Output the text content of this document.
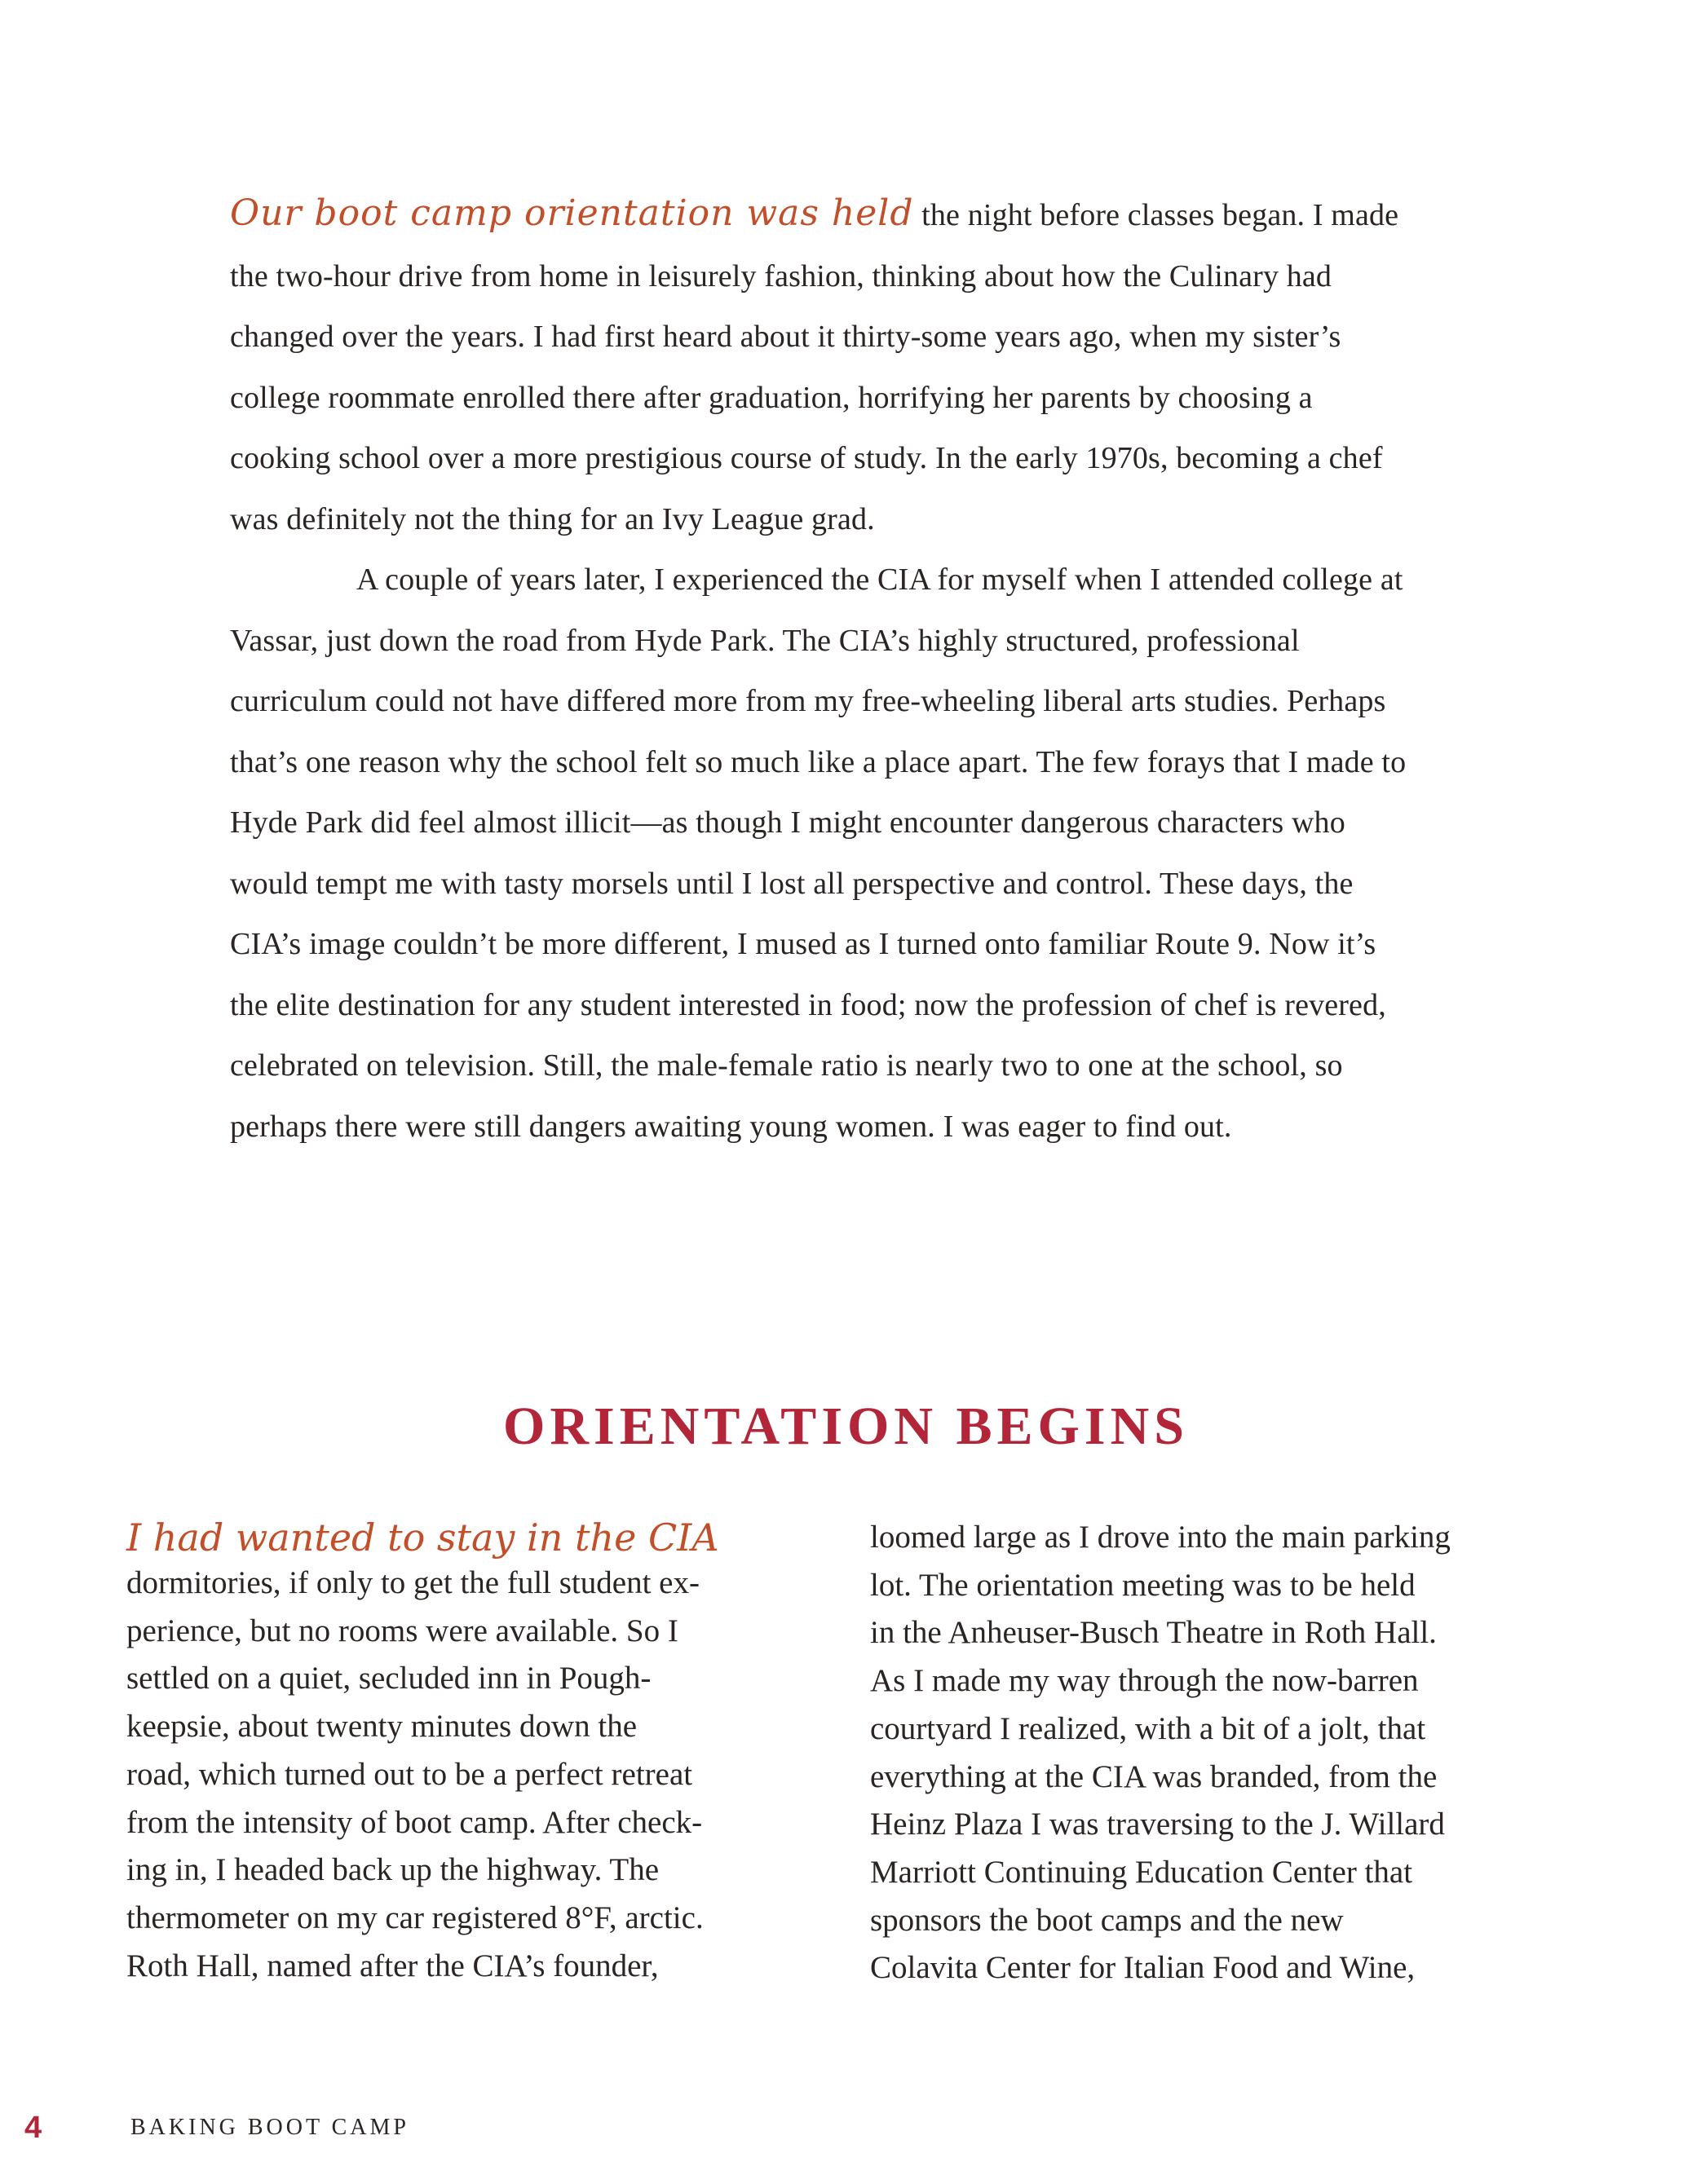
Our boot camp orientation was held the night before classes began. I made the two-hour drive from home in leisurely fashion, thinking about how the Culinary had changed over the years. I had first heard about it thirty-some years ago, when my sister’s college roommate enrolled there after graduation, horrifying her parents by choosing a cooking school over a more prestigious course of study. In the early 1970s, becoming a chef was definitely not the thing for an Ivy League grad.

A couple of years later, I experienced the CIA for myself when I attended college at Vassar, just down the road from Hyde Park. The CIA’s highly structured, professional curriculum could not have differed more from my free-wheeling liberal arts studies. Perhaps that’s one reason why the school felt so much like a place apart. The few forays that I made to Hyde Park did feel almost illicit—as though I might encounter dangerous characters who would tempt me with tasty morsels until I lost all perspective and control. These days, the CIA’s image couldn’t be more different, I mused as I turned onto familiar Route 9. Now it’s the elite destination for any student interested in food; now the profession of chef is revered, celebrated on television. Still, the male-female ratio is nearly two to one at the school, so perhaps there were still dangers awaiting young women. I was eager to find out.

ORIENTATION BEGINS
I had wanted to stay in the CIA
dormitories, if only to get the full student ex-
perience, but no rooms were available. So I
settled on a quiet, secluded inn in Pough-
keepsie, about twenty minutes down the
road, which turned out to be a perfect retreat
from the intensity of boot camp. After check-
ing in, I headed back up the highway. The
thermometer on my car registered 8°F, arctic.
Roth Hall, named after the CIA’s founder,
loomed large as I drove into the main parking
lot. The orientation meeting was to be held
in the Anheuser-Busch Theatre in Roth Hall.
As I made my way through the now-barren
courtyard I realized, with a bit of a jolt, that
everything at the CIA was branded, from the
Heinz Plaza I was traversing to the J. Willard
Marriott Continuing Education Center that
sponsors the boot camps and the new
Colavita Center for Italian Food and Wine,
4	BAKING BOOT CAMP
